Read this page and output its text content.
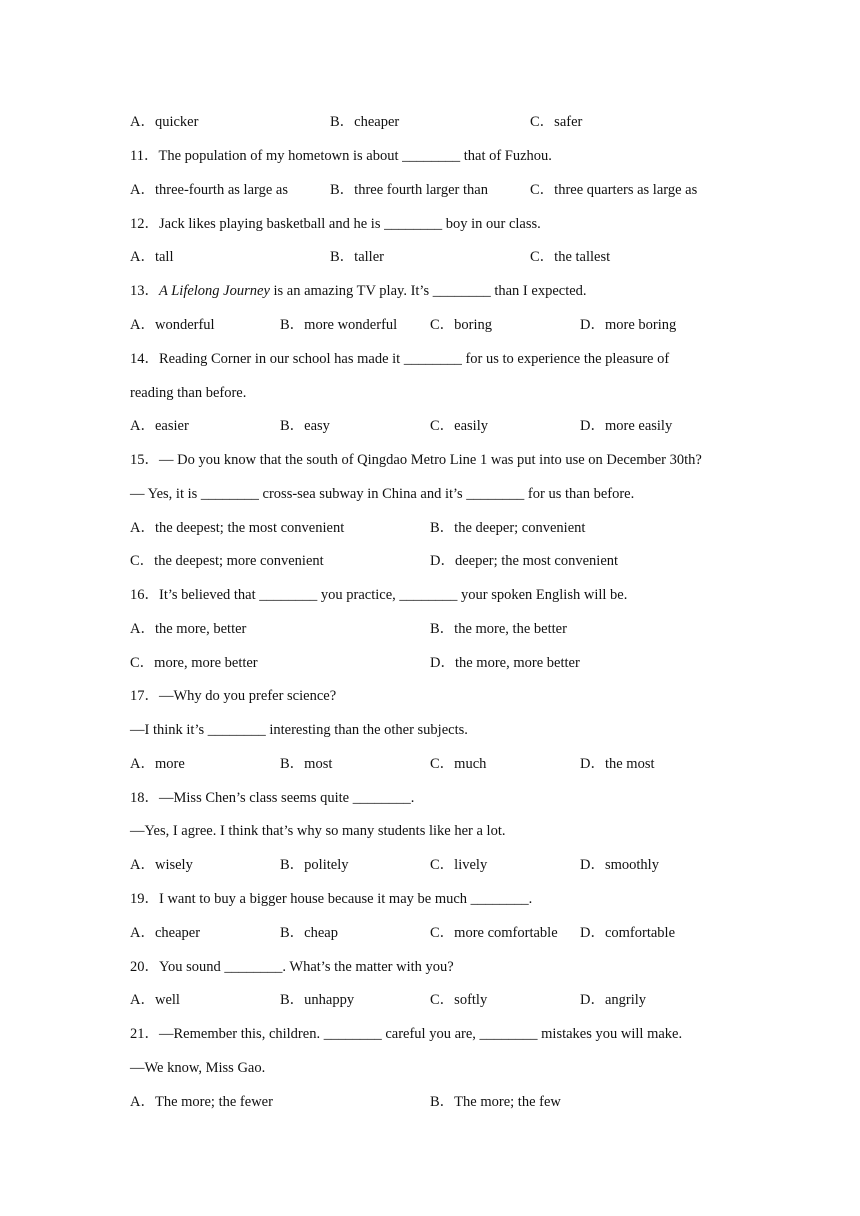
A．quicker	B．cheaper	C．safer
11．The population of my hometown is about ________ that of Fuzhou.
A．three-fourth as large as	B．three fourth larger than	C．three quarters as large as
12．Jack likes playing basketball and he is ________ boy in our class.
A．tall	B．taller	C．the tallest
13．A Lifelong Journey is an amazing TV play. It’s ________ than I expected.
A．wonderful	B．more wonderful C．boring	D．more boring
14．Reading Corner in our school has made it ________ for us to experience the pleasure of
reading than before.
A．easier	B．easy	C．easily	D．more easily
15．— Do you know that the south of Qingdao Metro Line 1 was put into use on December 30th?
— Yes, it is ________ cross-sea subway in China and it’s ________ for us than before.
A．the deepest; the most convenient	B．the deeper; convenient
C．the deepest; more convenient	D．deeper; the most convenient
16．It’s believed that ________ you practice, ________ your spoken English will be.
A．the more, better	B．the more, the better
C．more, more better	D．the more, more better
17．—Why do you prefer science?
—I think it’s ________ interesting than the other subjects.
A．more	B．most	C．much	D．the most
18．—Miss Chen’s class seems quite ________.
—Yes, I agree. I think that’s why so many students like her a lot.
A．wisely	B．politely	C．lively	D．smoothly
19．I want to buy a bigger house because it may be much ________.
A．cheaper	B．cheap	C．more comfortable D．comfortable
20．You sound ________. What’s the matter with you?
A．well	B．unhappy	C．softly	D．angrily
21．—Remember this, children. ________ careful you are, ________ mistakes you will make.
—We know, Miss Gao.
A．The more; the fewer	B．The more; the few
